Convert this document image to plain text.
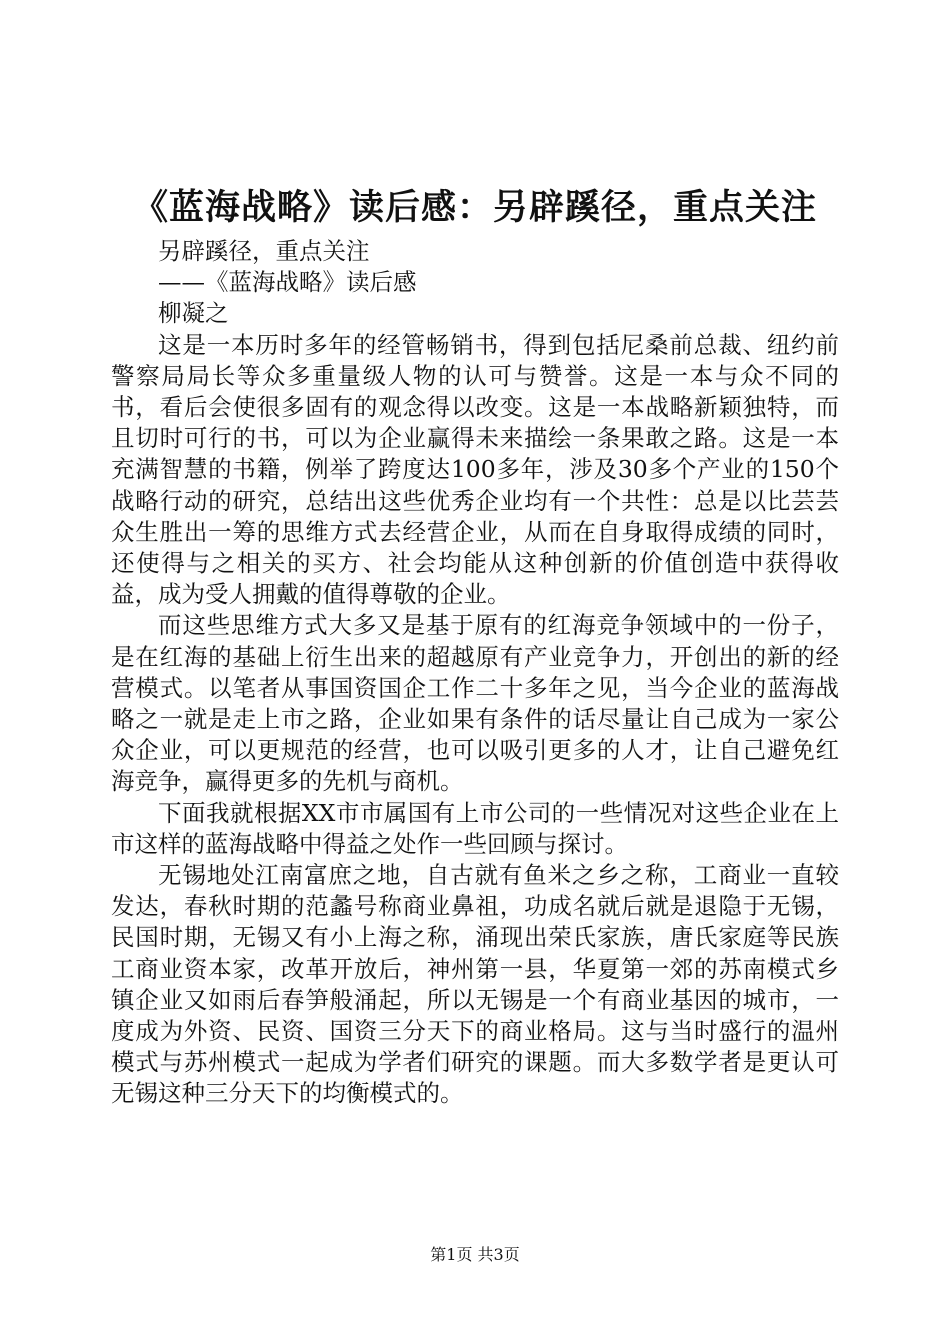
《蓝海战略》读后感：另辟蹊径，重点关注

另辟蹊径，重点关注

——《蓝海战略》读后感

柳凝之

这是一本历时多年的经管畅销书，得到包括尼桑前总裁、纽约前警察局局长等众多重量级人物的认可与赞誉。这是一本与众不同的书，看后会使很多固有的观念得以改变。这是一本战略新颖独特，而且切时可行的书，可以为企业赢得未来描绘一条果敢之路。这是一本充满智慧的书籍，例举了跨度达100多年，涉及30多个产业的150个战略行动的研究，总结出这些优秀企业均有一个共性：总是以比芸芸众生胜出一筹的思维方式去经营企业，从而在自身取得成绩的同时，还使得与之相关的买方、社会均能从这种创新的价值创造中获得收益，成为受人拥戴的值得尊敬的企业。

而这些思维方式大多又是基于原有的红海竞争领域中的一份子，是在红海的基础上衍生出来的超越原有产业竞争力，开创出的新的经营模式。以笔者从事国资国企工作二十多年之见，当今企业的蓝海战略之一就是走上市之路，企业如果有条件的话尽量让自己成为一家公众企业，可以更规范的经营，也可以吸引更多的人才，让自己避免红海竞争，赢得更多的先机与商机。

下面我就根据XX市市属国有上市公司的一些情况对这些企业在上市这样的蓝海战略中得益之处作一些回顾与探讨。

无锡地处江南富庶之地，自古就有鱼米之乡之称，工商业一直较发达，春秋时期的范蠡号称商业鼻祖，功成名就后就是退隐于无锡，民国时期，无锡又有小上海之称，涌现出荣氏家族，唐氏家庭等民族工商业资本家，改革开放后，神州第一县，华夏第一郊的苏南模式乡镇企业又如雨后春笋般涌起，所以无锡是一个有商业基因的城市，一度成为外资、民资、国资三分天下的商业格局。这与当时盛行的温州模式与苏州模式一起成为学者们研究的课题。而大多数学者是更认可无锡这种三分天下的均衡模式的。

第1页 共3页
